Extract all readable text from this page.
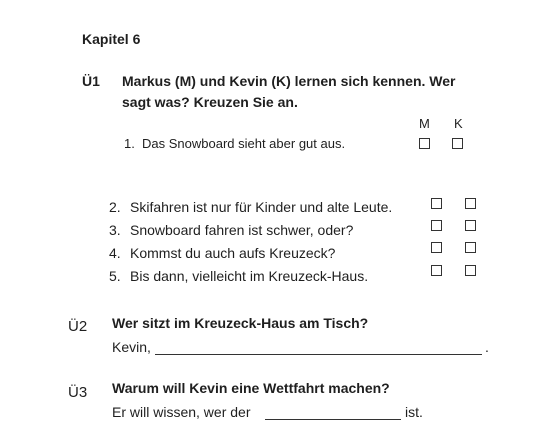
Kapitel 6
Ü1 Markus (M) und Kevin (K) lernen sich kennen. Wer
sagt was? Kreuzen Sie an.
M K
1. Das Snowboard sieht aber gut aus.
2. Skifahren ist nur für Kinder und alte Leute.
3. Snowboard fahren ist schwer, oder?
4. Kommst du auch aufs Kreuzeck?
5. Bis dann, vielleicht im Kreuzeck-Haus.
Ü2 Wer sitzt im Kreuzeck-Haus am Tisch?
Kevin,	.
Ü3 Warum will Kevin eine Wettfahrt machen?
Er will wissen, wer der	ist.
